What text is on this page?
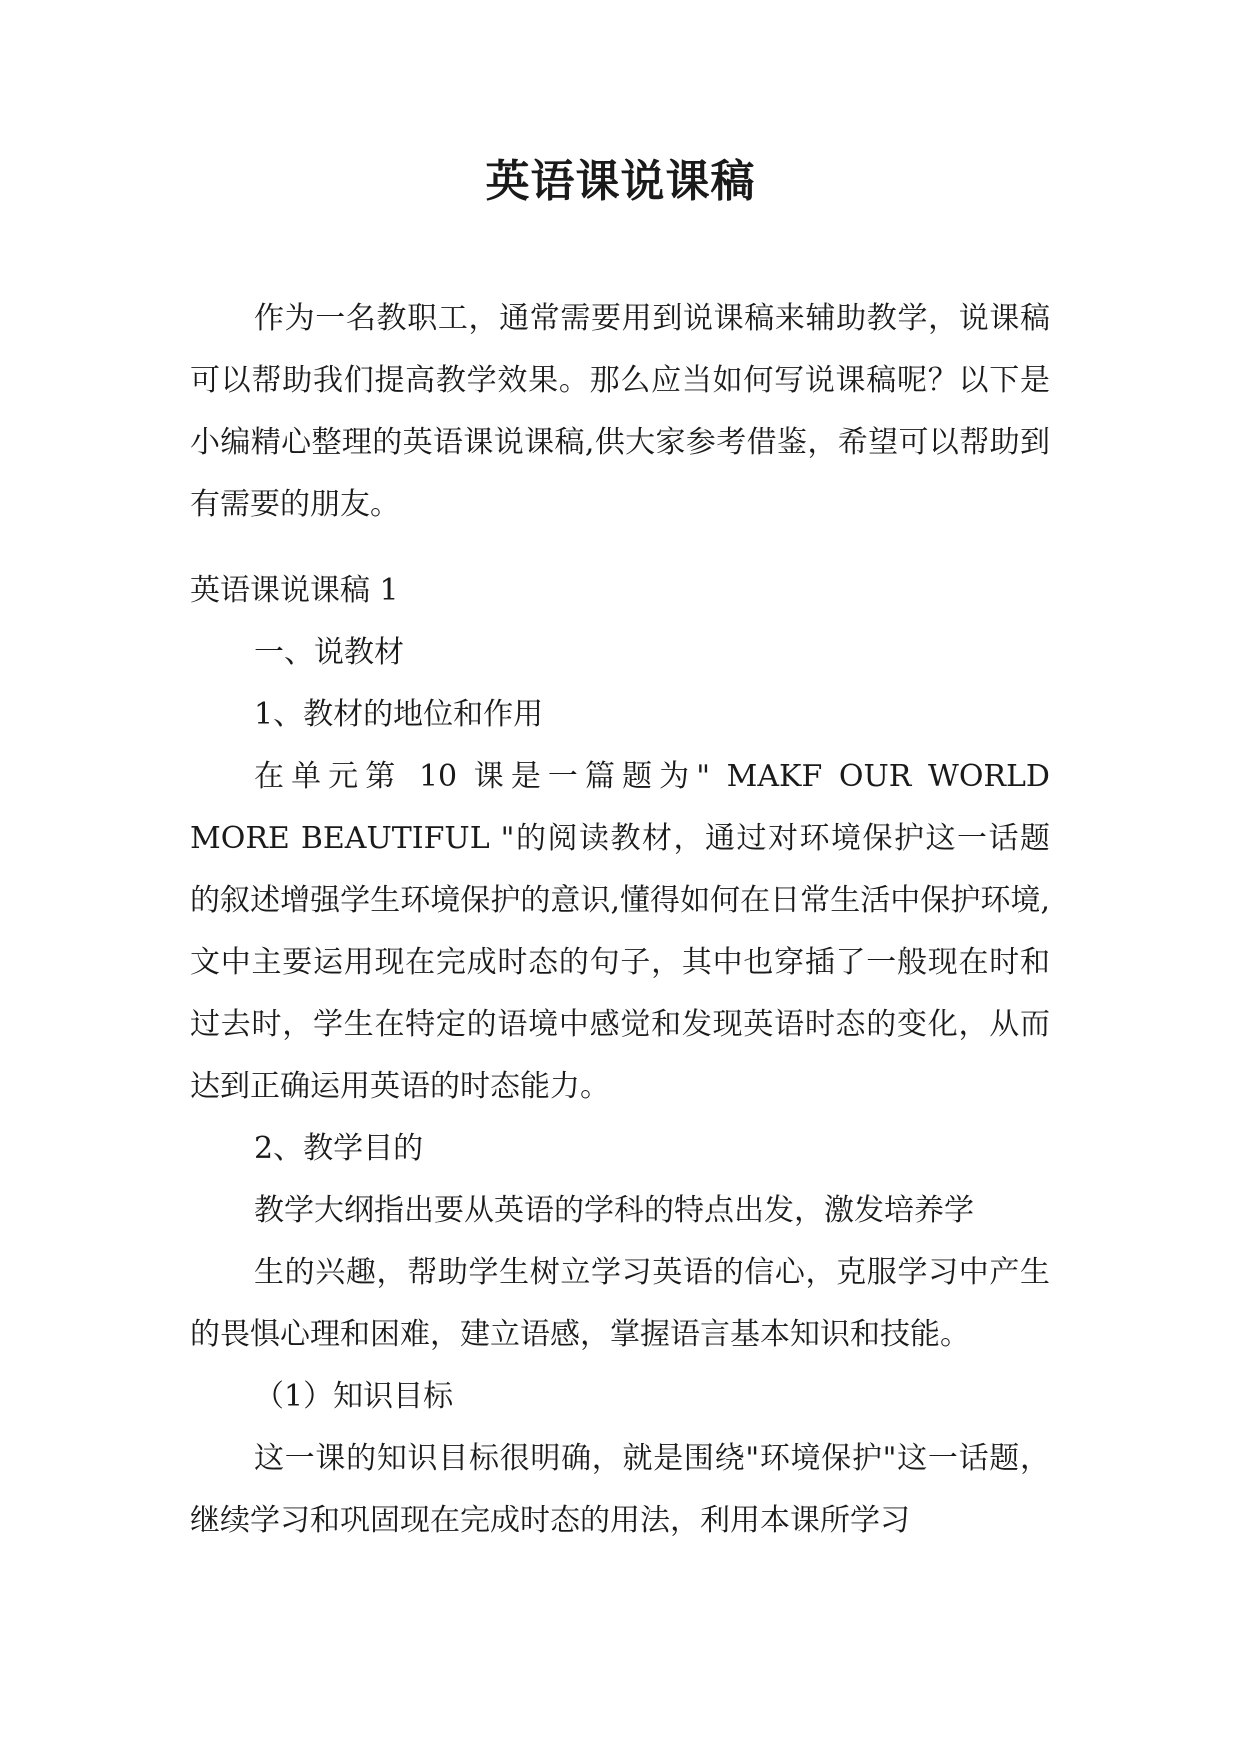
英语课说课稿

作为一名教职工，通常需要用到说课稿来辅助教学，说课稿可以帮助我们提高教学效果。那么应当如何写说课稿呢？以下是小编精心整理的英语课说课稿,供大家参考借鉴，希望可以帮助到有需要的朋友。

英语课说课稿 1

一、说教材

1、教材的地位和作用

在单元第 10 课是一篇题为" MAKF OUR WORLD MORE BEAUTIFUL "的阅读教材，通过对环境保护这一话题的叙述增强学生环境保护的意识,懂得如何在日常生活中保护环境,文中主要运用现在完成时态的句子，其中也穿插了一般现在时和过去时，学生在特定的语境中感觉和发现英语时态的变化，从而达到正确运用英语的时态能力。

2、教学目的

教学大纲指出要从英语的学科的特点出发，激发培养学

生的兴趣，帮助学生树立学习英语的信心，克服学习中产生的畏惧心理和困难，建立语感，掌握语言基本知识和技能。

（1）知识目标

这一课的知识目标很明确，就是围绕"环境保护"这一话题，继续学习和巩固现在完成时态的用法，利用本课所学习
